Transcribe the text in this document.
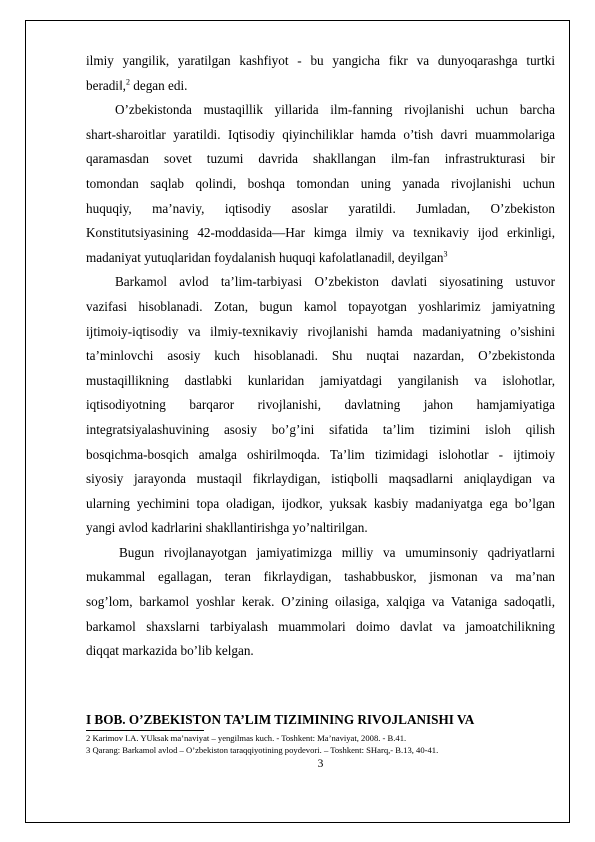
ilmiy yangilik, yaratilgan kashfiyot - bu yangicha fikr va dunyoqarashga turtki
beradi‖,$^2$ degan edi.
O’zbekistonda mustaqillik yillarida ilm-fanning rivojlanishi uchun barcha
shart-sharoitlar yaratildi. Iqtisodiy qiyinchiliklar hamda o’tish davri muammolariga
qaramasdan sovet tuzumi davrida shakllangan ilm-fan infrastrukturasi bir
tomondan saqlab qolindi, boshqa tomondan uning yanada rivojlanishi uchun
huquqiy, ma’naviy, iqtisodiy asoslar yaratildi. Jumladan, O’zbekiston
Konstitutsiyasining 42-moddasida—Har kimga ilmiy va texnikaviy ijod erkinligi,
madaniyat yutuqlaridan foydalanish huquqi kafolatlanadi‖, deyilgan$^3$
Barkamol avlod ta’lim-tarbiyasi O’zbekiston davlati siyosatining ustuvor
vazifasi hisoblanadi. Zotan, bugun kamol topayotgan yoshlarimiz jamiyatning
ijtimoiy-iqtisodiy va ilmiy-texnikaviy rivojlanishi hamda madaniyatning o’sishini
ta’minlovchi asosiy kuch hisoblanadi. Shu nuqtai nazardan, O’zbekistonda
mustaqillikning dastlabki kunlaridan jamiyatdagi yangilanish va islohotlar,
iqtisodiyotning barqaror rivojlanishi, davlatning jahon hamjamiyatiga
integratsiyalashuvining asosiy bo’g’ini sifatida ta’lim tizimini isloh qilish
bosqichma-bosqich amalga oshirilmoqda. Ta’lim tizimidagi islohotlar - ijtimoiy
siyosiy jarayonda mustaqil fikrlaydigan, istiqbolli maqsadlarni aniqlaydigan va
ularning yechimini topa oladigan, ijodkor, yuksak kasbiy madaniyatga ega bo’lgan
yangi avlod kadrlarini shakllantirishga yo’naltirilgan.
Bugun rivojlanayotgan jamiyatimizga milliy va umuminsoniy qadriyatlarni
mukammal egallagan, teran fikrlaydigan, tashabbuskor, jismonan va ma’nan
sog’lom, barkamol yoshlar kerak. O’zining oilasiga, xalqiga va Vataniga sadoqatli,
barkamol shaxslarni tarbiyalash muammolari doimo davlat va jamoatchilikning
diqqat markazida bo’lib kelgan.
I BOB. O’ZBEKISTON TA’LIM TIZIMINING RIVOJLANISHI VA
2 Karimov I.A. YUksak ma’naviyat – yengilmas kuch. - Toshkent: Ma’naviyat, 2008. - B.41.
3 Qarang: Barkamol avlod – O’zbekiston taraqqiyotining poydevori. – Toshkent: SHarq,- B.13, 40-41.
3
